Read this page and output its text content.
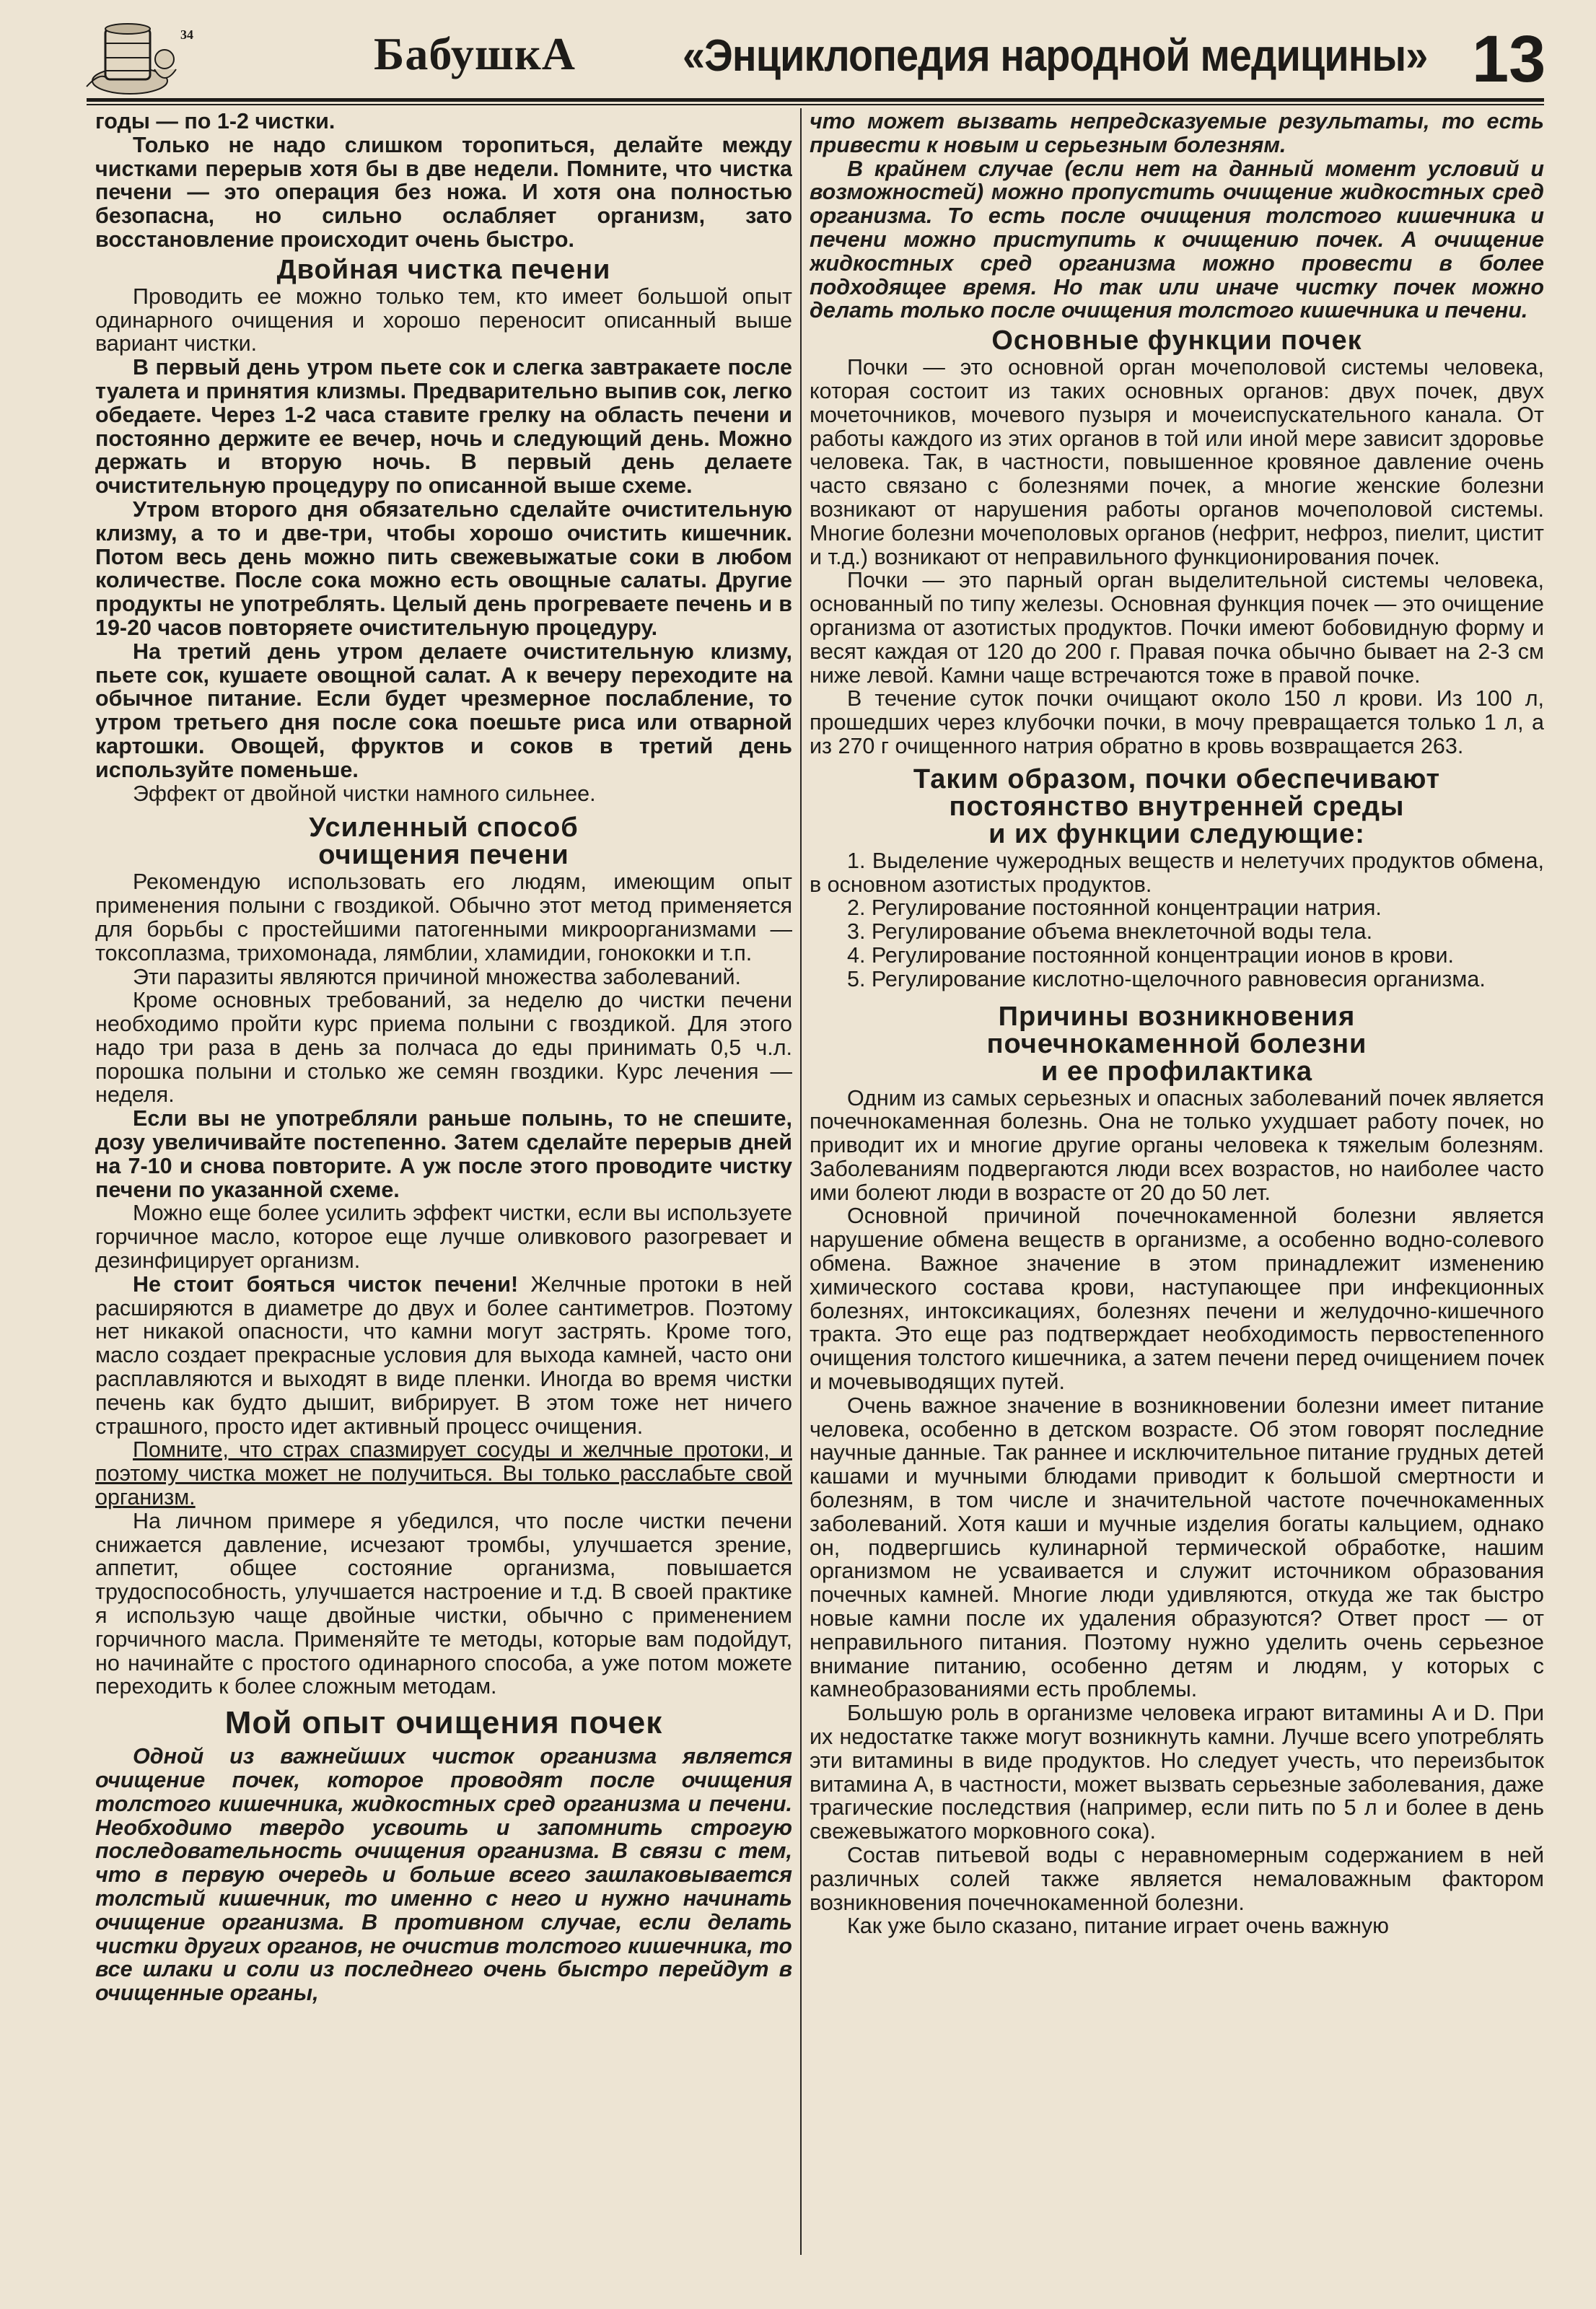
34	БабушкА «Энциклопедия народной медицины» 13

годы — по 1-2 чистки.

Только не надо слишком торопиться, делайте между чистками перерыв хотя бы в две недели. Помните, что чистка печени — это операция без ножа. И хотя она полностью безопасна, но сильно ослабляет организм, зато восстановление происходит очень быстро.

Двойная чистка печени

Проводить ее можно только тем, кто имеет большой опыт одинарного очищения и хорошо переносит описанный выше вариант чистки.

В первый день утром пьете сок и слегка завтракаете после туалета и принятия клизмы. Предварительно выпив сок, легко обедаете. Через 1-2 часа ставите грелку на область печени и постоянно держите ее вечер, ночь и следующий день. Можно держать и вторую ночь. В первый день делаете очистительную процедуру по описанной выше схеме.

Утром второго дня обязательно сделайте очистительную клизму, а то и две-три, чтобы хорошо очистить кишечник. Потом весь день можно пить свежевыжатые соки в любом количестве. После сока можно есть овощные салаты. Другие продукты не употреблять. Целый день прогреваете печень и в 19-20 часов повторяете очистительную процедуру.

На третий день утром делаете очистительную клизму, пьете сок, кушаете овощной салат. А к вечеру переходите на обычное питание. Если будет чрезмерное послабление, то утром третьего дня после сока поешьте риса или отварной картошки. Овощей, фруктов и соков в третий день используйте поменьше.

Эффект от двойной чистки намного сильнее.

Усиленный способ
очищения печени

Рекомендую использовать его людям, имеющим опыт применения полыни с гвоздикой. Обычно этот метод применяется для борьбы с простейшими патогенными микроорганизмами — токсоплазма, трихомонада, лямблии, хламидии, гонококки и т.п.

Эти паразиты являются причиной множества заболеваний.

Кроме основных требований, за неделю до чистки печени необходимо пройти курс приема полыни с гвоздикой. Для этого надо три раза в день за полчаса до еды принимать 0,5 ч.л. порошка полыни и столько же семян гвоздики. Курс лечения — неделя.

Если вы не употребляли раньше полынь, то не спешите, дозу увеличивайте постепенно. Затем сделайте перерыв дней на 7-10 и снова повторите. А уж после этого проводите чистку печени по указанной схеме.

Можно еще более усилить эффект чистки, если вы используете горчичное масло, которое еще лучше оливкового разогревает и дезинфицирует организм.

Не стоит бояться чисток печени! Желчные протоки в ней расширяются в диаметре до двух и более сантиметров. Поэтому нет никакой опасности, что камни могут застрять. Кроме того, масло создает прекрасные условия для выхода камней, часто они расплавляются и выходят в виде пленки. Иногда во время чистки печень как будто дышит, вибрирует. В этом тоже нет ничего страшного, просто идет активный процесс очищения.

Помните, что страх спазмирует сосуды и желчные протоки, и поэтому чистка может не получиться. Вы только расслабьте свой организм.

На личном примере я убедился, что после чистки печени снижается давление, исчезают тромбы, улучшается зрение, аппетит, общее состояние организма, повышается трудоспособность, улучшается настроение и т.д. В своей практике я использую чаще двойные чистки, обычно с применением горчичного масла. Применяйте те методы, которые вам подойдут, но начинайте с простого одинарного способа, а уже потом можете переходить к более сложным методам.

Мой опыт очищения почек

Одной из важнейших чисток организма является очищение почек, которое проводят после очищения толстого кишечника, жидкостных сред организма и печени. Необходимо твердо усвоить и запомнить строгую последовательность очищения организма. В связи с тем, что в первую очередь и больше всего зашлаковывается толстый кишечник, то именно с него и нужно начинать очищение организма. В противном случае, если делать чистки других органов, не очистив толстого кишечника, то все шлаки и соли из последнего очень быстро перейдут в очищенные органы,

что может вызвать непредсказуемые результаты, то есть привести к новым и серьезным болезням.

В крайнем случае (если нет на данный момент условий и возможностей) можно пропустить очищение жидкостных сред организма. То есть после очищения толстого кишечника и печени можно приступить к очищению почек. А очищение жидкостных сред организма можно провести в более подходящее время. Но так или иначе чистку почек можно делать только после очищения толстого кишечника и печени.

Основные функции почек

Почки — это основной орган мочеполовой системы человека, которая состоит из таких основных органов: двух почек, двух мочеточников, мочевого пузыря и мочеиспускательного канала. От работы каждого из этих органов в той или иной мере зависит здоровье человека. Так, в частности, повышенное кровяное давление очень часто связано с болезнями почек, а многие женские болезни возникают от нарушения работы органов мочеполовой системы. Многие болезни мочеполовых органов (нефрит, нефроз, пиелит, цистит и т.д.) возникают от неправильного функционирования почек.

Почки — это парный орган выделительной системы человека, основанный по типу железы. Основная функция почек — это очищение организма от азотистых продуктов. Почки имеют бобовидную форму и весят каждая от 120 до 200 г. Правая почка обычно бывает на 2-3 см ниже левой. Камни чаще встречаются тоже в правой почке.

В течение суток почки очищают около 150 л крови. Из 100 л, прошедших через клубочки почки, в мочу превращается только 1 л, а из 270 г очищенного натрия обратно в кровь возвращается 263.

Таким образом, почки обеспечивают
постоянство внутренней среды
и их функции следующие:
1. Выделение чужеродных веществ и нелетучих продуктов обмена, в основном азотистых продуктов.
2. Регулирование постоянной концентрации натрия.
3. Регулирование объема внеклеточной воды тела.
4. Регулирование постоянной концентрации ионов в крови.
5. Регулирование кислотно-щелочного равновесия организма.
Причины возникновения
почечнокаменной болезни
и ее профилактика

Одним из самых серьезных и опасных заболеваний почек является почечнокаменная болезнь. Она не только ухудшает работу почек, но приводит их и многие другие органы человека к тяжелым болезням. Заболеваниям подвергаются люди всех возрастов, но наиболее часто ими болеют люди в возрасте от 20 до 50 лет.

Основной причиной почечнокаменной болезни является нарушение обмена веществ в организме, а особенно водно-солевого обмена. Важное значение в этом принадлежит изменению химического состава крови, наступающее при инфекционных болезнях, интоксикациях, болезнях печени и желудочно-кишечного тракта. Это еще раз подтверждает необходимость первостепенного очищения толстого кишечника, а затем печени перед очищением почек и мочевыводящих путей.

Очень важное значение в возникновении болезни имеет питание человека, особенно в детском возрасте. Об этом говорят последние научные данные. Так раннее и исключительное питание грудных детей кашами и мучными блюдами приводит к большой смертности и болезням, в том числе и значительной частоте почечнокаменных заболеваний. Хотя каши и мучные изделия богаты кальцием, однако он, подвергшись кулинарной термической обработке, нашим организмом не усваивается и служит источником образования почечных камней. Многие люди удивляются, откуда же так быстро новые камни после их удаления образуются? Ответ прост — от неправильного питания. Поэтому нужно уделить очень серьезное внимание питанию, особенно детям и людям, у которых с камнеобразованиями есть проблемы.

Большую роль в организме человека играют витамины A и D. При их недостатке также могут возникнуть камни. Лучше всего употреблять эти витамины в виде продуктов. Но следует учесть, что переизбыток витамина A, в частности, может вызвать серьезные заболевания, даже трагические последствия (например, если пить по 5 л и более в день свежевыжатого морковного сока).

Состав питьевой воды с неравномерным содержанием в ней различных солей также является немаловажным фактором возникновения почечнокаменной болезни.

Как уже было сказано, питание играет очень важную
